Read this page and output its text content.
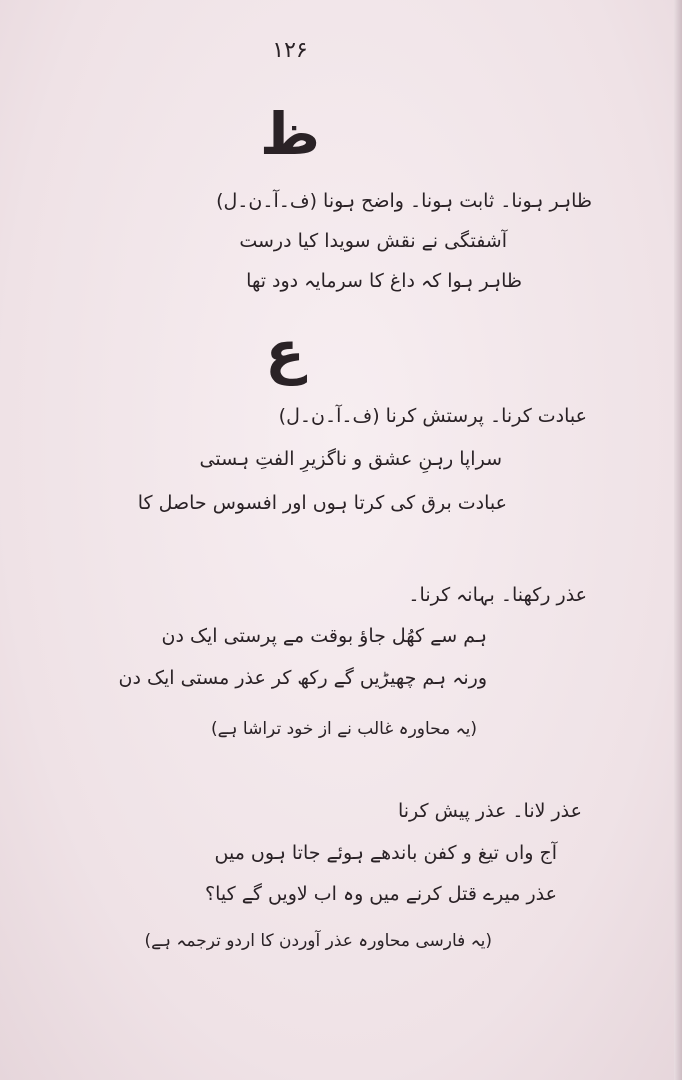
۱۲۶
ظ
ظاہر ہونا۔ ثابت ہونا۔ واضح ہونا (ف۔آ۔ن۔ل)
آشفتگی نے نقش سویدا کیا درست
ظاہر ہوا کہ داغ کا سرمایہ دود تھا
ع
عبادت کرنا۔ پرستش کرنا (ف۔آ۔ن۔ل)
سراپا رہنِ عشق و ناگزیرِ الفتِ ہستی
عبادت برق کی کرتا ہوں اور افسوس حاصل کا
عذر رکھنا۔ بہانہ کرنا۔
ہم سے کھُل جاؤ بوقت مے پرستی ایک دن
ورنہ ہم چھیڑیں گے رکھ کر عذر مستی ایک دن
(یہ محاورہ غالب نے از خود تراشا ہے)
عذر لانا۔ عذر پیش کرنا
آج واں تیغ و کفن باندھے ہوئے جاتا ہوں میں
عذر میرے قتل کرنے میں وہ اب لاویں گے کیا؟
(یہ فارسی محاورہ عذر آوردن کا اردو ترجمہ ہے)
